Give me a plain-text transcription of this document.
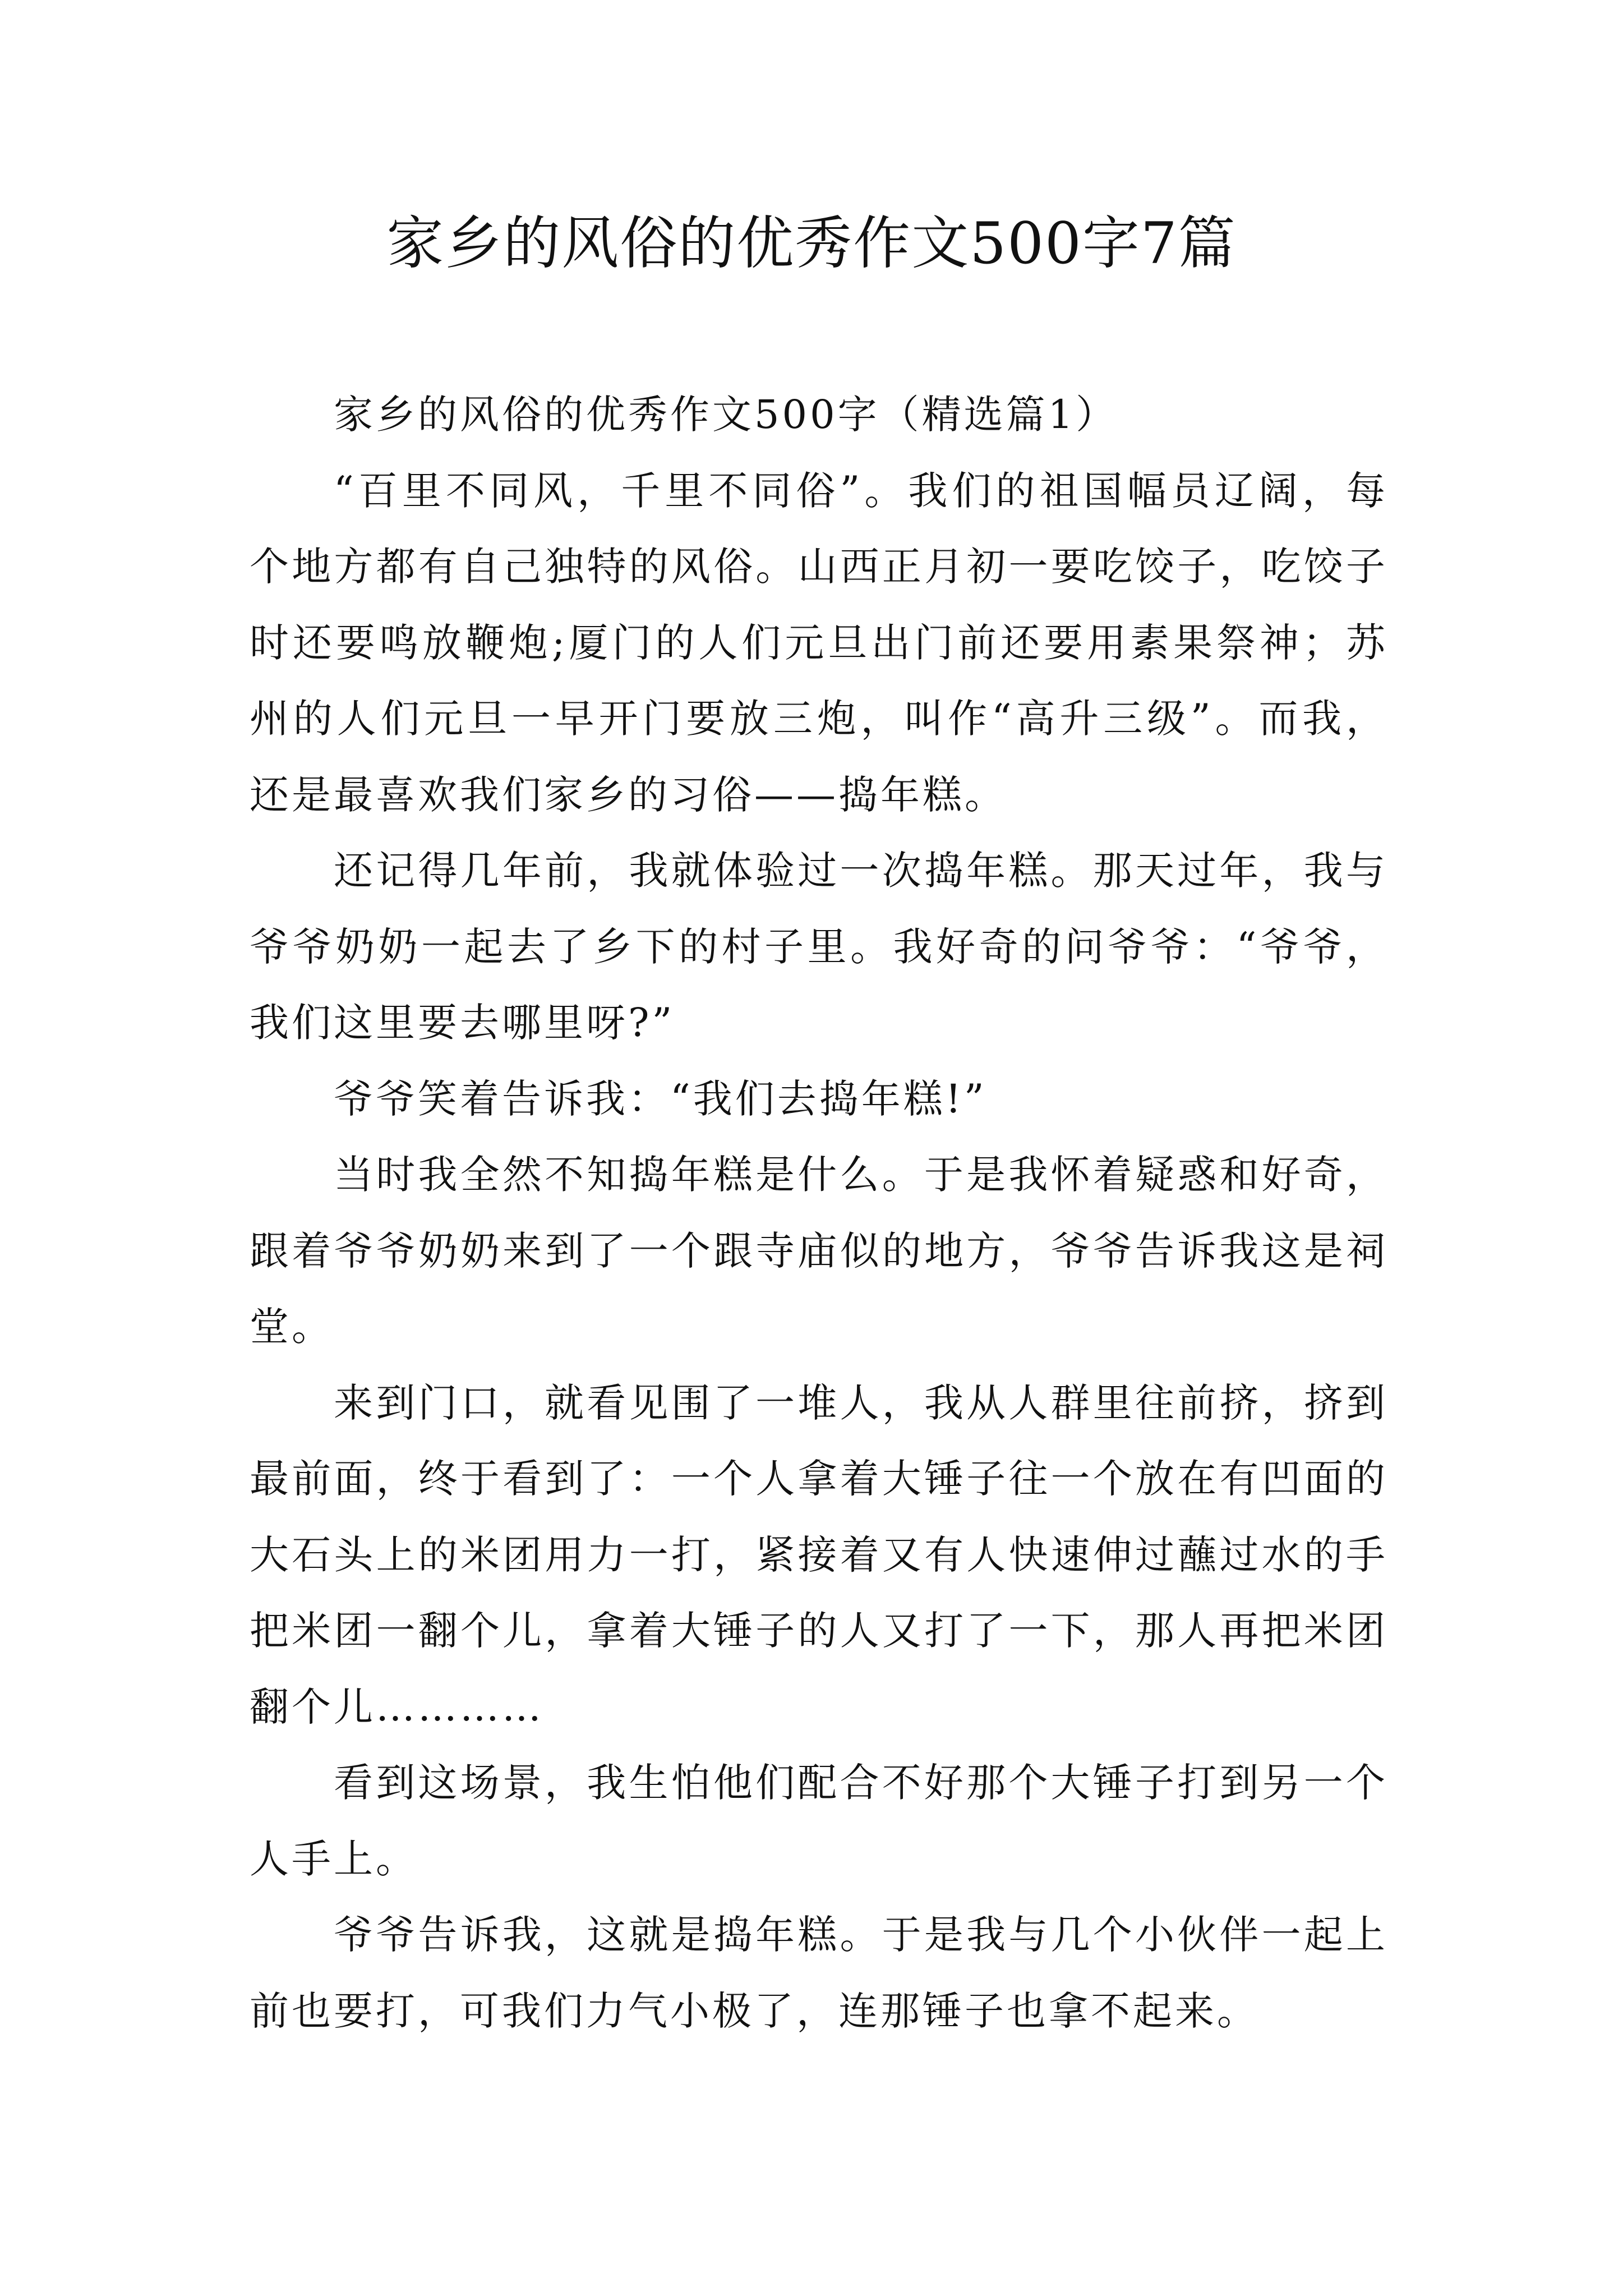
家乡的风俗的优秀作文500字7篇

家乡的风俗的优秀作文500字（精选篇1）

“百里不同风，千里不同俗”。我们的祖国幅员辽阔，每个地方都有自己独特的风俗。山西正月初一要吃饺子，吃饺子时还要鸣放鞭炮;厦门的人们元旦出门前还要用素果祭神；苏州的人们元旦一早开门要放三炮，叫作“高升三级”。而我，还是最喜欢我们家乡的习俗——捣年糕。

还记得几年前，我就体验过一次捣年糕。那天过年，我与爷爷奶奶一起去了乡下的村子里。我好奇的问爷爷：“爷爷，我们这里要去哪里呀?”

爷爷笑着告诉我：“我们去捣年糕!”

当时我全然不知捣年糕是什么。于是我怀着疑惑和好奇，跟着爷爷奶奶来到了一个跟寺庙似的地方，爷爷告诉我这是祠堂。

来到门口，就看见围了一堆人，我从人群里往前挤，挤到最前面，终于看到了：一个人拿着大锤子往一个放在有凹面的大石头上的米团用力一打，紧接着又有人快速伸过蘸过水的手把米团一翻个儿，拿着大锤子的人又打了一下，那人再把米团翻个儿…………

看到这场景，我生怕他们配合不好那个大锤子打到另一个人手上。

爷爷告诉我，这就是捣年糕。于是我与几个小伙伴一起上前也要打，可我们力气小极了，连那锤子也拿不起来。
